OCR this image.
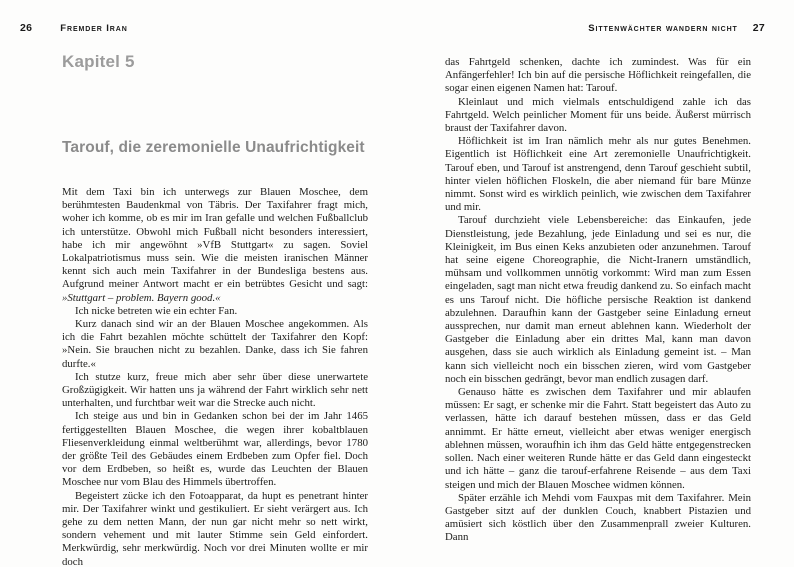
26	Fremder Iran
Kapitel 5
Tarouf, die zeremonielle Unaufrichtigkeit

Mit dem Taxi bin ich unterwegs zur Blauen Moschee, dem berühmtesten Baudenkmal von Täbris. Der Taxifahrer fragt mich, woher ich komme, ob es mir im Iran gefalle und welchen Fußballclub ich unterstütze. Obwohl mich Fußball nicht besonders interessiert, habe ich mir angewöhnt »VfB Stuttgart« zu sagen. Soviel Lokalpatriotismus muss sein. Wie die meisten iranischen Männer kennt sich auch mein Taxifahrer in der Bundesliga bestens aus. Aufgrund meiner Antwort macht er ein betrübtes Gesicht und sagt: »Stuttgart – problem. Bayern good.«

Ich nicke betreten wie ein echter Fan.

Kurz danach sind wir an der Blauen Moschee angekommen. Als ich die Fahrt bezahlen möchte schüttelt der Taxifahrer den Kopf: »Nein. Sie brauchen nicht zu bezahlen. Danke, dass ich Sie fahren durfte.«

Ich stutze kurz, freue mich aber sehr über diese unerwartete Großzügigkeit. Wir hatten uns ja während der Fahrt wirklich sehr nett unterhalten, und furchtbar weit war die Strecke auch nicht.

Ich steige aus und bin in Gedanken schon bei der im Jahr 1465 fertiggestellten Blauen Moschee, die wegen ihrer kobaltblauen Fliesenverkleidung einmal weltberühmt war, allerdings, bevor 1780 der größte Teil des Gebäudes einem Erdbeben zum Opfer fiel. Doch vor dem Erdbeben, so heißt es, wurde das Leuchten der Blauen Moschee nur vom Blau des Himmels übertroffen.

Begeistert zücke ich den Fotoapparat, da hupt es penetrant hinter mir. Der Taxifahrer winkt und gestikuliert. Er sieht verärgert aus. Ich gehe zu dem netten Mann, der nun gar nicht mehr so nett wirkt, sondern vehement und mit lauter Stimme sein Geld einfordert. Merkwürdig, sehr merkwürdig. Noch vor drei Minuten wollte er mir doch

Sittenwächter wandern nicht 27

das Fahrtgeld schenken, dachte ich zumindest. Was für ein Anfängerfehler! Ich bin auf die persische Höflichkeit reingefallen, die sogar einen eigenen Namen hat: Tarouf.

Kleinlaut und mich vielmals entschuldigend zahle ich das Fahrtgeld. Welch peinlicher Moment für uns beide. Äußerst mürrisch braust der Taxifahrer davon.

Höflichkeit ist im Iran nämlich mehr als nur gutes Benehmen. Eigentlich ist Höflichkeit eine Art zeremonielle Unaufrichtigkeit. Tarouf eben, und Tarouf ist anstrengend, denn Tarouf geschieht subtil, hinter vielen höflichen Floskeln, die aber niemand für bare Münze nimmt. Sonst wird es wirklich peinlich, wie zwischen dem Taxifahrer und mir.

Tarouf durchzieht viele Lebensbereiche: das Einkaufen, jede Dienstleistung, jede Bezahlung, jede Einladung und sei es nur, die Kleinigkeit, im Bus einen Keks anzubieten oder anzunehmen. Tarouf hat seine eigene Choreographie, die Nicht-Iranern umständlich, mühsam und vollkommen unnötig vorkommt: Wird man zum Essen eingeladen, sagt man nicht etwa freudig dankend zu. So einfach macht es uns Tarouf nicht. Die höfliche persische Reaktion ist dankend abzulehnen. Daraufhin kann der Gastgeber seine Einladung erneut aussprechen, nur damit man erneut ablehnen kann. Wiederholt der Gastgeber die Einladung aber ein drittes Mal, kann man davon ausgehen, dass sie auch wirklich als Einladung gemeint ist. – Man kann sich vielleicht noch ein bisschen zieren, wird vom Gastgeber noch ein bisschen gedrängt, bevor man endlich zusagen darf.

Genauso hätte es zwischen dem Taxifahrer und mir ablaufen müssen: Er sagt, er schenke mir die Fahrt. Statt begeistert das Auto zu verlassen, hätte ich darauf bestehen müssen, dass er das Geld annimmt. Er hätte erneut, vielleicht aber etwas weniger energisch ablehnen müssen, woraufhin ich ihm das Geld hätte entgegenstrecken sollen. Nach einer weiteren Runde hätte er das Geld dann eingesteckt und ich hätte – ganz die tarouf-erfahrene Reisende – aus dem Taxi steigen und mich der Blauen Moschee widmen können.

Später erzähle ich Mehdi vom Fauxpas mit dem Taxifahrer. Mein Gastgeber sitzt auf der dunklen Couch, knabbert Pistazien und amüsiert sich köstlich über den Zusammenprall zweier Kulturen. Dann
